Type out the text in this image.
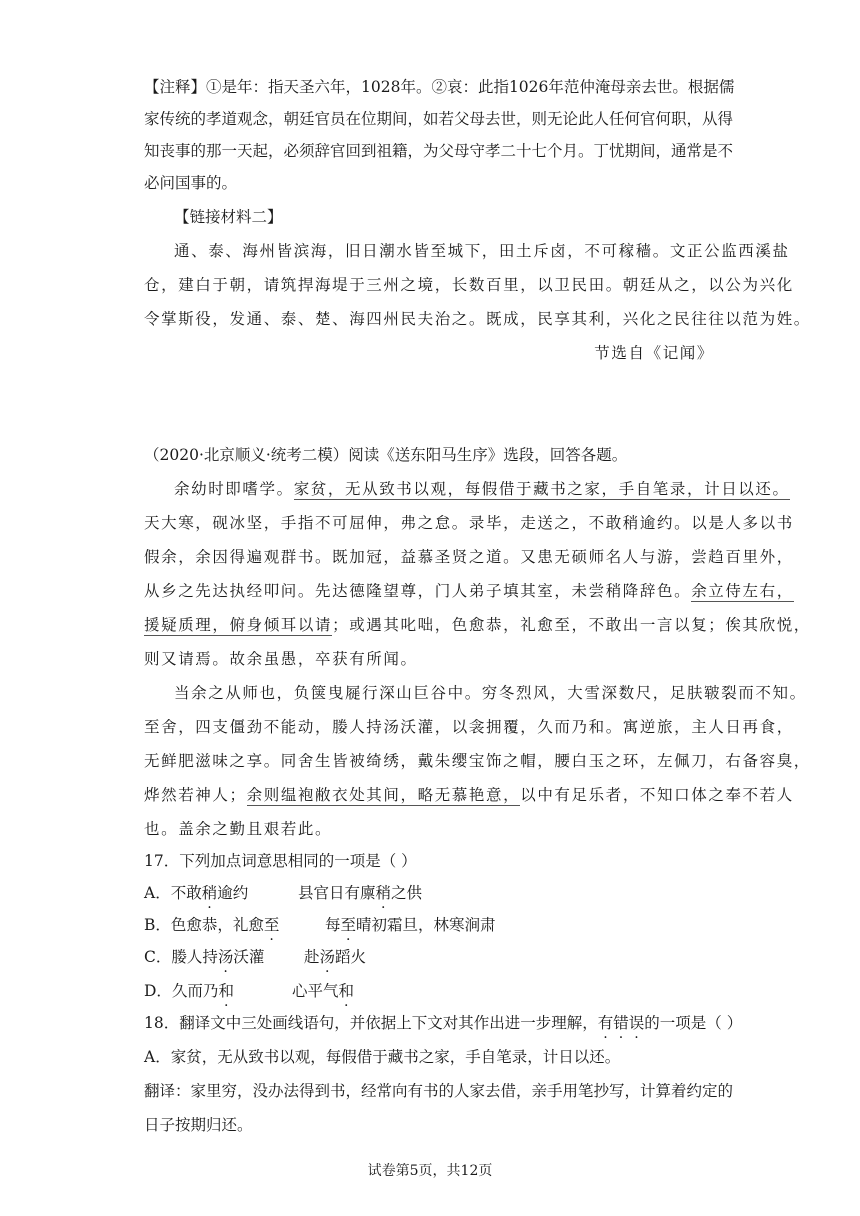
【注释】①是年：指天圣六年，1028年。②哀：此指1026年范仲淹母亲去世。根据儒
家传统的孝道观念，朝廷官员在位期间，如若父母去世，则无论此人任何官何职，从得
知丧事的那一天起，必须辞官回到祖籍，为父母守孝二十七个月。丁忧期间，通常是不
必问国事的。
【链接材料二】
通、泰、海州皆滨海，旧日潮水皆至城下，田土斥卤，不可稼穑。文正公监西溪盐
仓，建白于朝，请筑捍海堤于三州之境，长数百里，以卫民田。朝廷从之，以公为兴化
令掌斯役，发通、泰、楚、海四州民夫治之。既成，民享其利，兴化之民往往以范为姓。
节选自《记闻》
（2020·北京顺义·统考二模）阅读《送东阳马生序》选段，回答各题。
余幼时即嗜学。家贫，无从致书以观，每假借于藏书之家，手自笔录，计日以还。
天大寒，砚冰坚，手指不可屈伸，弗之怠。录毕，走送之，不敢稍逾约。以是人多以书
假余，余因得遍观群书。既加冠，益慕圣贤之道。又患无硕师名人与游，尝趋百里外，
从乡之先达执经叩问。先达德隆望尊，门人弟子填其室，未尝稍降辞色。余立侍左右，
援疑质理，俯身倾耳以请；或遇其叱咄，色愈恭，礼愈至，不敢出一言以复；俟其欣悦，
则又请焉。故余虽愚，卒获有所闻。
当余之从师也，负箧曳屣行深山巨谷中。穷冬烈风，大雪深数尺，足肤皲裂而不知。
至舍，四支僵劲不能动，媵人持汤沃灌，以衾拥覆，久而乃和。寓逆旅，主人日再食，
无鲜肥滋味之享。同舍生皆被绮绣，戴朱缨宝饰之帽，腰白玉之环，左佩刀，右备容臭，
烨然若神人；余则缊袍敝衣处其间，略无慕艳意，以中有足乐者，不知口体之奉不若人
也。盖余之勤且艰若此。
17．下列加点词意思相同的一项是（ ）
A．不敢稍逾约	县官日有廪稍之供
B．色愈恭，礼愈至	每至晴初霜旦，林寒涧肃
C．媵人持汤沃灌	赴汤蹈火
D．久而乃和	心平气和
18．翻译文中三处画线语句，并依据上下文对其作出进一步理解，有错误的一项是（ ）
A．家贫，无从致书以观，每假借于藏书之家，手自笔录，计日以还。
翻译：家里穷，没办法得到书，经常向有书的人家去借，亲手用笔抄写，计算着约定的
日子按期归还。
试卷第5页，共12页
